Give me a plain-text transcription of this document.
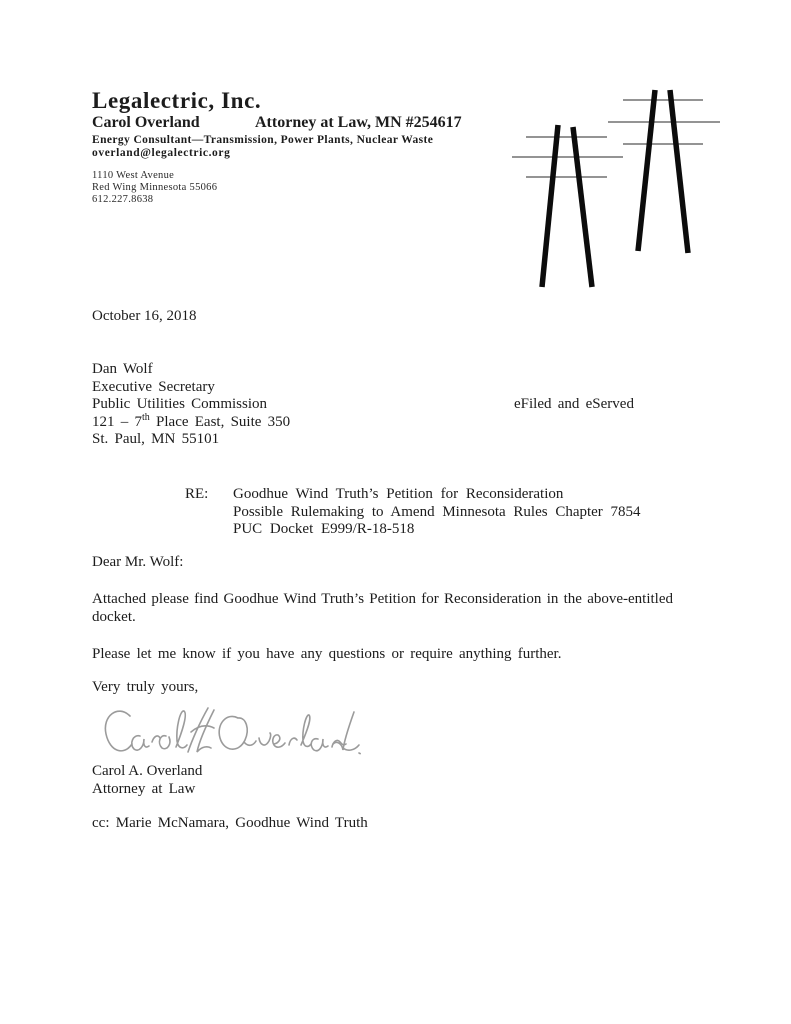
Legalectric, Inc.
Carol Overland	Attorney at Law, MN #254617
Energy Consultant—Transmission, Power Plants, Nuclear Waste
overland@legalectric.org
1110 West Avenue
Red Wing Minnesota 55066
612.227.8638
October 16, 2018
Dan Wolf
Executive Secretary
Public Utilities Commission
121 – 7th Place East, Suite 350
St. Paul, MN 55101
eFiled and eServed
RE: Goodhue Wind Truth’s Petition for Reconsideration
Possible Rulemaking to Amend Minnesota Rules Chapter 7854
PUC Docket E999/R-18-518
Dear Mr. Wolf:
Attached please find Goodhue Wind Truth’s Petition for Reconsideration in the above-entitled
docket.
Please let me know if you have any questions or require anything further.
Very truly yours,
Carol A. Overland
Attorney at Law
cc: Marie McNamara, Goodhue Wind Truth
